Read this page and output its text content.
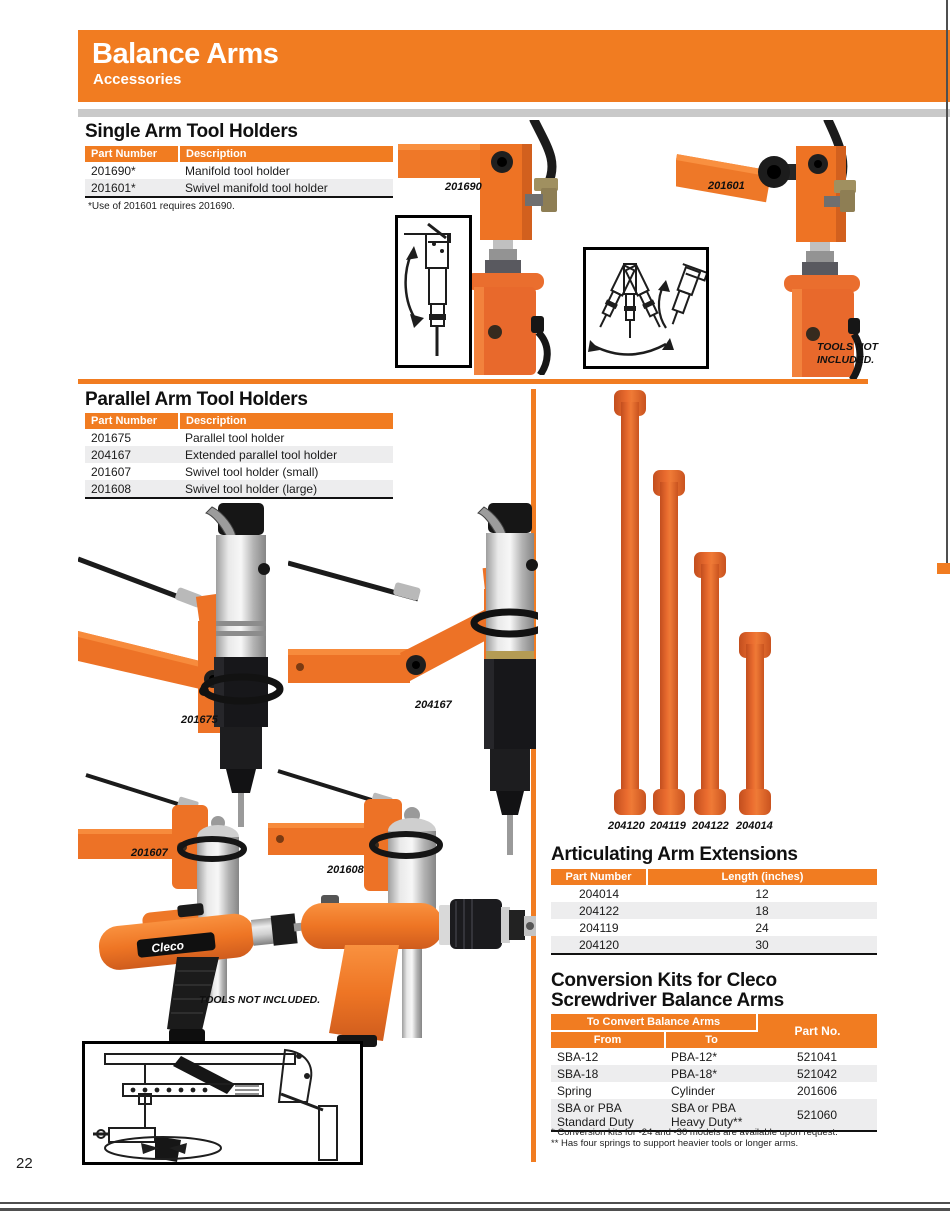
Balance Arms
Accessories
22
Single Arm Tool Holders
Part Number	Description
201690*	Manifold tool holder
201601*	Swivel manifold tool holder
*Use of 201601 requires 201690.
201690	201601
TOOLS NOT INCLUDED.
Parallel Arm Tool Holders
Part Number	Description
201675	Parallel tool holder
204167	Extended parallel tool holder
201607	Swivel tool holder (small)
201608	Swivel tool holder (large)
201675
204167
201607
201608
Cleco
TOOLS NOT INCLUDED.
204120 204119 204122 204014
Articulating Arm Extensions
Part Number	Length (inches)
204014	12
204122	18
204119	24
204120	30
Conversion Kits for Cleco
Screwdriver Balance Arms
To Convert Balance Arms		Part No.
From	To	
SBA-12	PBA-12*	521041
SBA-18	PBA-18*	521042
Spring	Cylinder	201606
SBA or PBA Standard Duty	SBA or PBA Heavy Duty**	521060
* Conversion kits for -24 and -30 models are available upon request.
** Has four springs to support heavier tools or longer arms.
